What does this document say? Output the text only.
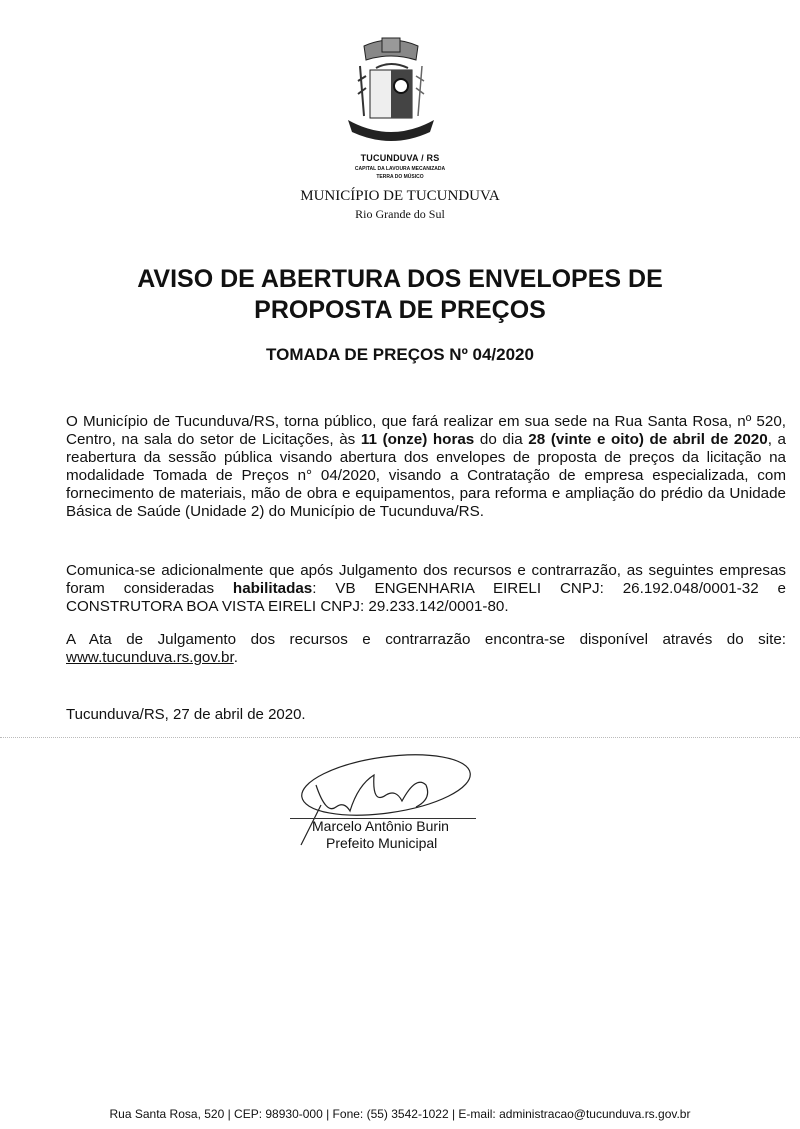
TUCUNDUVA / RS
CAPITAL DA LAVOURA MECANIZADA
TERRA DO MÚSICO
MUNICÍPIO DE TUCUNDUVA
Rio Grande do Sul
AVISO DE ABERTURA DOS ENVELOPES DE
PROPOSTA DE PREÇOS
TOMADA DE PREÇOS Nº 04/2020
O Município de Tucunduva/RS, torna público, que fará realizar em sua sede na Rua Santa Rosa, nº 520, Centro, na sala do setor de Licitações, às 11 (onze) horas do dia 28 (vinte e oito) de abril de 2020, a reabertura da sessão pública visando abertura dos envelopes de proposta de preços da licitação na modalidade Tomada de Preços n° 04/2020, visando a Contratação de empresa especializada, com fornecimento de materiais, mão de obra e equipamentos, para reforma e ampliação do prédio da Unidade Básica de Saúde (Unidade 2) do Município de Tucunduva/RS.
Comunica-se adicionalmente que após Julgamento dos recursos e contrarrazão, as seguintes empresas foram consideradas habilitadas: VB ENGENHARIA EIRELI CNPJ: 26.192.048/0001-32 e CONSTRUTORA BOA VISTA EIRELI CNPJ: 29.233.142/0001-80.
A Ata de Julgamento dos recursos e contrarrazão encontra-se disponível através do site: www.tucunduva.rs.gov.br.
Tucunduva/RS, 27 de abril de 2020.
Marcelo Antônio Burin
Prefeito Municipal
Rua Santa Rosa, 520 | CEP: 98930-000 | Fone: (55) 3542-1022 | E-mail: administracao@tucunduva.rs.gov.br
